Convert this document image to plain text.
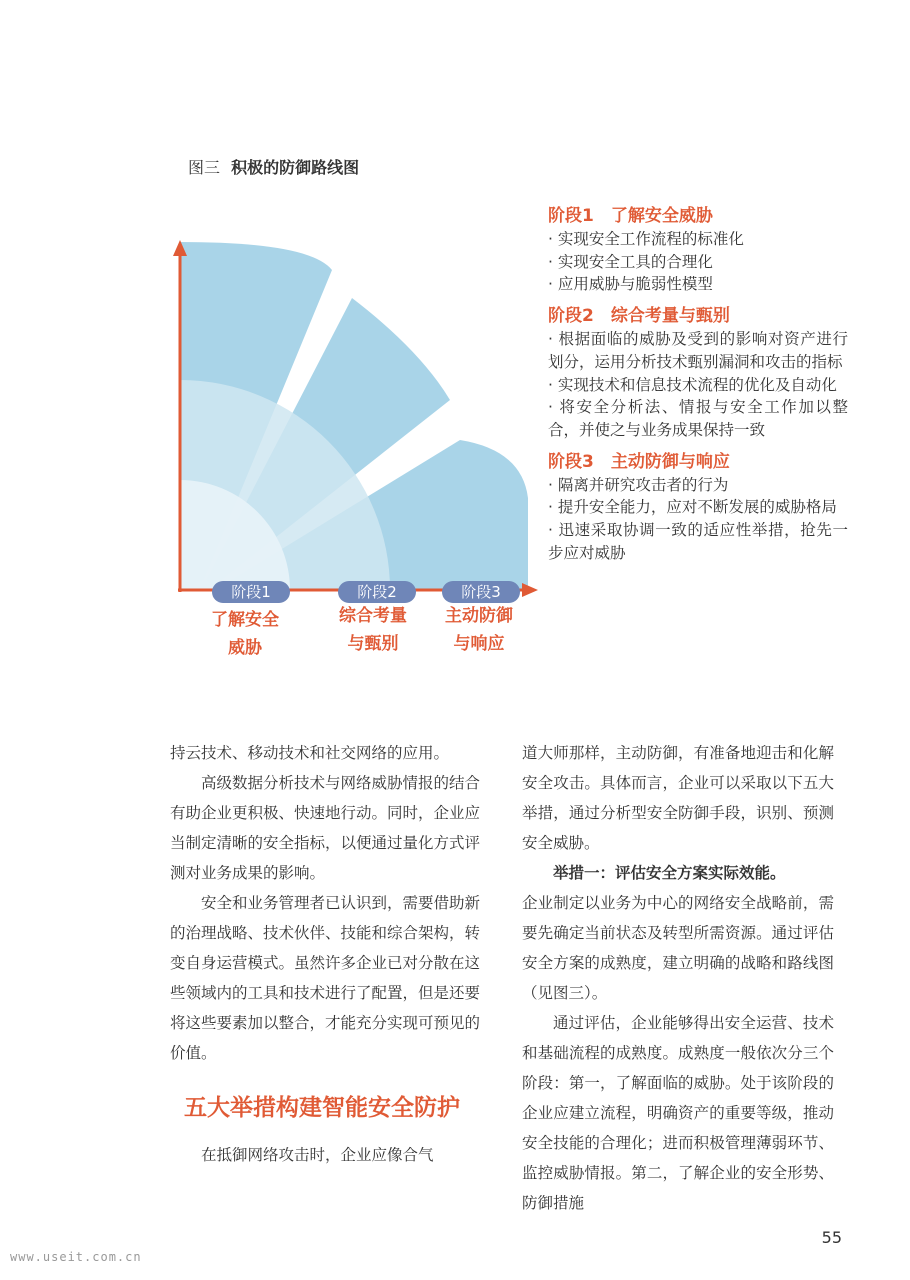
图三 积极的防御路线图
阶段1	阶段2	阶段3
了解安全
威胁
综合考量
与甄别
主动防御
与响应
阶段1　了解安全威胁
· 实现安全工作流程的标准化
· 实现安全工具的合理化
· 应用威胁与脆弱性模型
阶段2　综合考量与甄别
· 根据面临的威胁及受到的影响对资产进行划分，运用分析技术甄别漏洞和攻击的指标
· 实现技术和信息技术流程的优化及自动化
· 将安全分析法、情报与安全工作加以整合，并使之与业务成果保持一致
阶段3　主动防御与响应
· 隔离并研究攻击者的行为
· 提升安全能力，应对不断发展的威胁格局
· 迅速采取协调一致的适应性举措，抢先一步应对威胁

持云技术、移动技术和社交网络的应用。

高级数据分析技术与网络威胁情报的结合有助企业更积极、快速地行动。同时，企业应当制定清晰的安全指标，以便通过量化方式评测对业务成果的影响。

安全和业务管理者已认识到，需要借助新的治理战略、技术伙伴、技能和综合架构，转变自身运营模式。虽然许多企业已对分散在这些领域内的工具和技术进行了配置，但是还要将这些要素加以整合，才能充分实现可预见的价值。

五大举措构建智能安全防护

在抵御网络攻击时，企业应像合气

道大师那样，主动防御，有准备地迎击和化解安全攻击。具体而言，企业可以采取以下五大举措，通过分析型安全防御手段，识别、预测安全威胁。

举措一：评估安全方案实际效能。

企业制定以业务为中心的网络安全战略前，需要先确定当前状态及转型所需资源。通过评估安全方案的成熟度，建立明确的战略和路线图（见图三）。

通过评估，企业能够得出安全运营、技术和基础流程的成熟度。成熟度一般依次分三个阶段：第一，了解面临的威胁。处于该阶段的企业应建立流程，明确资产的重要等级，推动安全技能的合理化；进而积极管理薄弱环节、监控威胁情报。第二，了解企业的安全形势、防御措施

55
www.useit.com.cn
